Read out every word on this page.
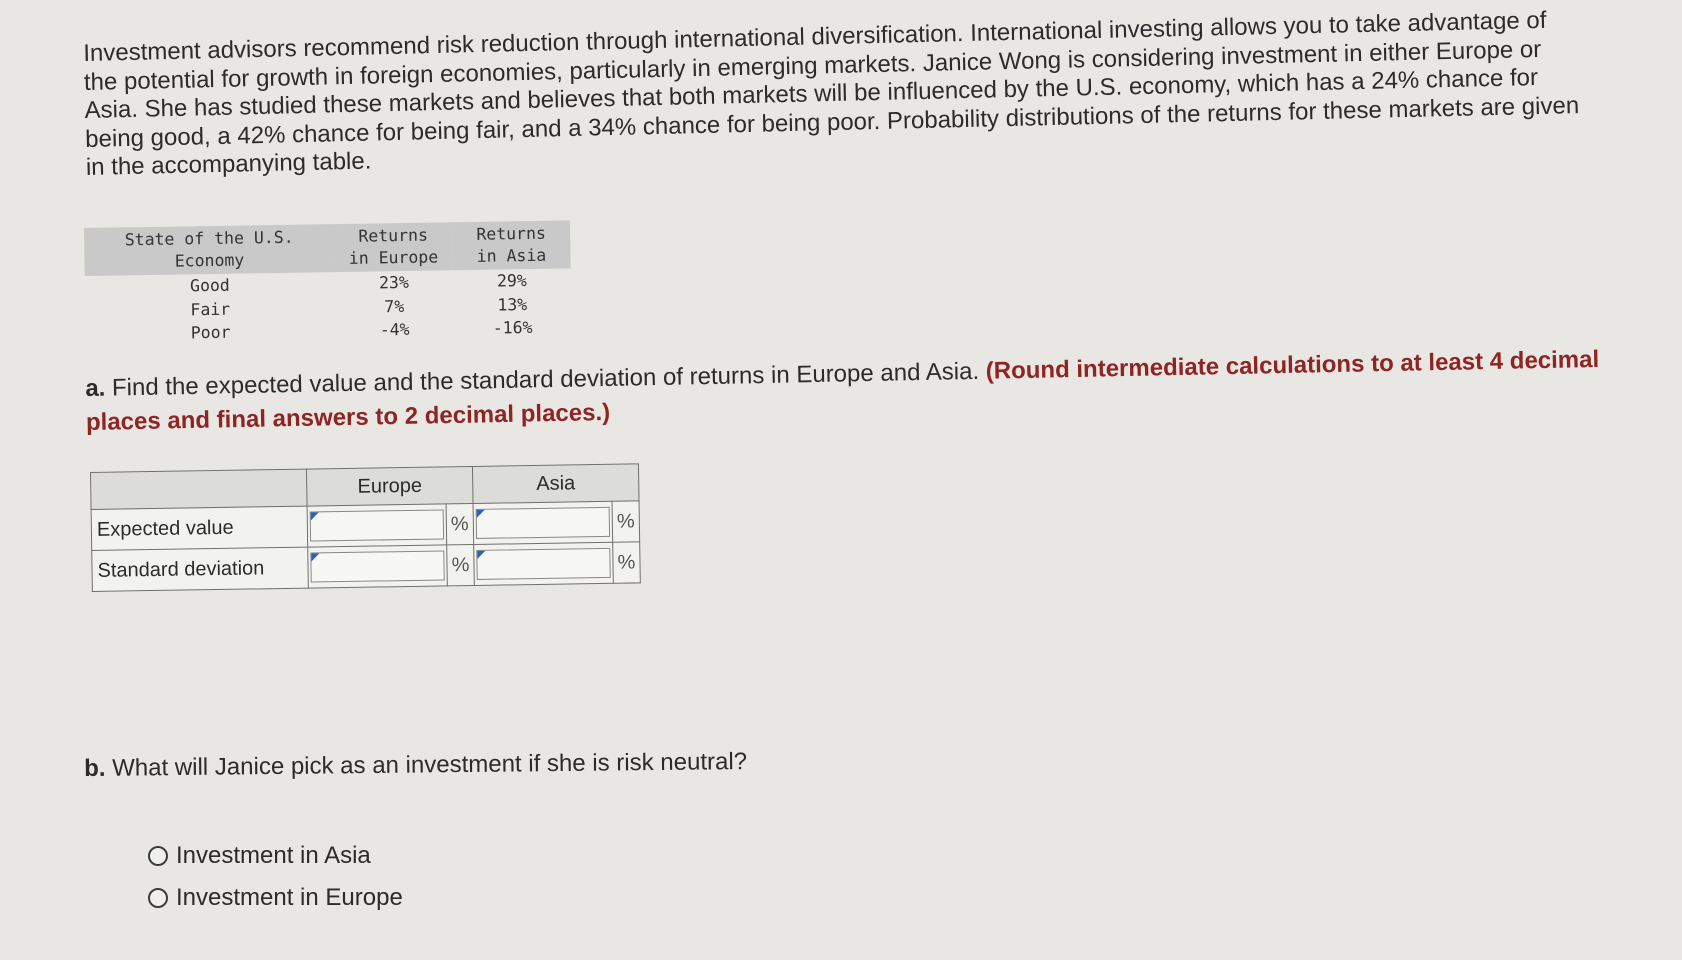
Investment advisors recommend risk reduction through international diversification. International investing allows you to take advantage of the potential for growth in foreign economies, particularly in emerging markets. Janice Wong is considering investment in either Europe or Asia. She has studied these markets and believes that both markets will be influenced by the U.S. economy, which has a 24% chance for being good, a 42% chance for being fair, and a 34% chance for being poor. Probability distributions of the returns for these markets are given in the accompanying table.

State of the U.S. Economy	Returns in Europe	Returns in Asia
Good	23%	29%
Fair	7%	13%
Poor	-4%	-16%

a. Find the expected value and the standard deviation of returns in Europe and Asia. (Round intermediate calculations to at least 4 decimal places and final answers to 2 decimal places.)

	Europe		Asia	
Expected value		%		%
Standard deviation		%		%

b. What will Janice pick as an investment if she is risk neutral?

Investment in Asia
Investment in Europe
